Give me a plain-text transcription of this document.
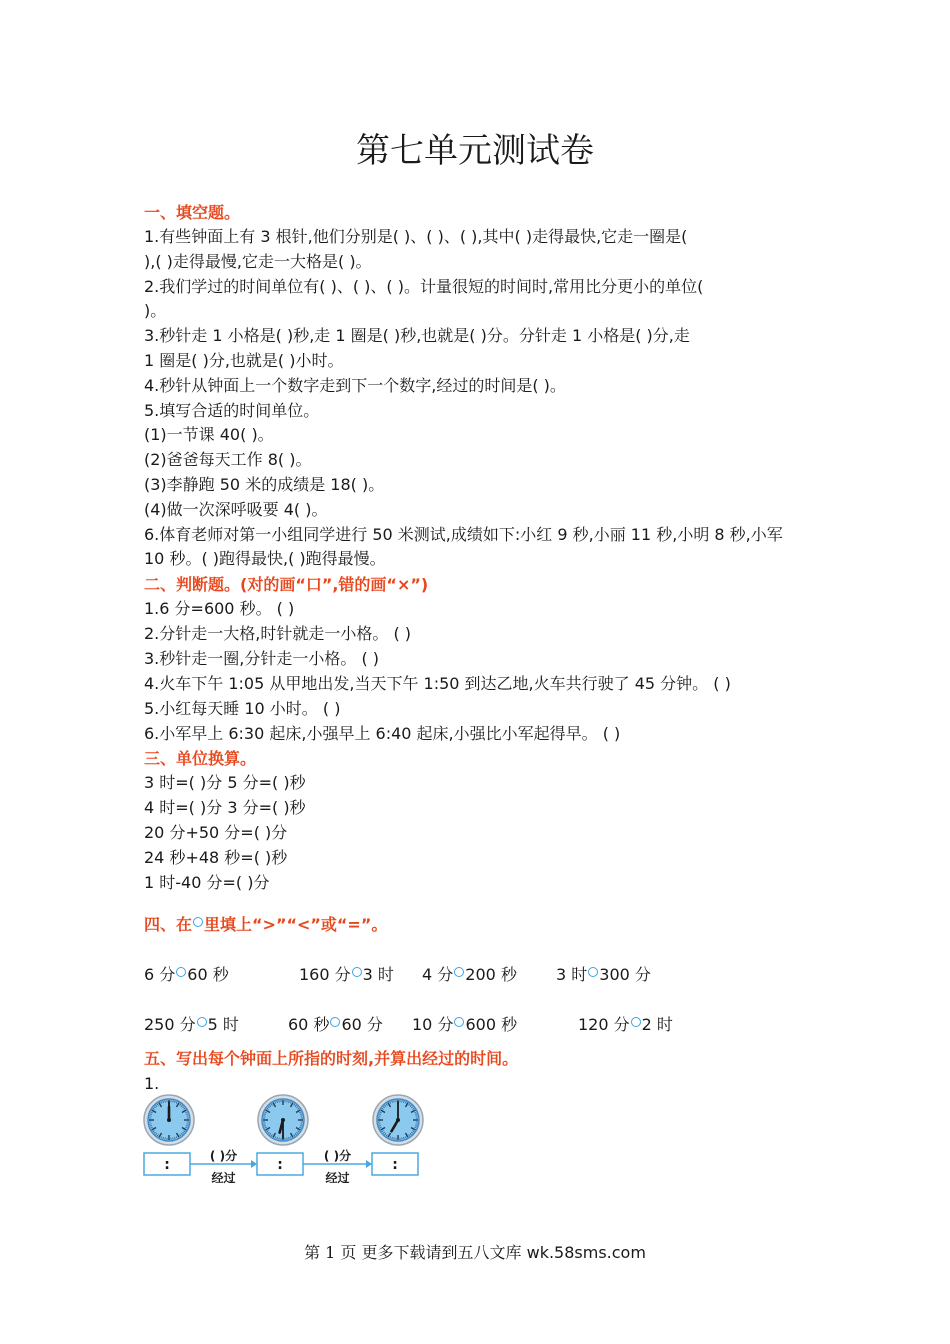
第七单元测试卷
一、填空题。
1.有些钟面上有 3 根针,他们分别是( )、( )、( ),其中( )走得最快,它走一圈是(
),( )走得最慢,它走一大格是( )。
2.我们学过的时间单位有( )、( )、( )。计量很短的时间时,常用比分更小的单位(
)。
3.秒针走 1 小格是( )秒,走 1 圈是( )秒,也就是( )分。分针走 1 小格是( )分,走
1 圈是( )分,也就是( )小时。
4.秒针从钟面上一个数字走到下一个数字,经过的时间是( )。
5.填写合适的时间单位。
(1)一节课 40( )。
(2)爸爸每天工作 8( )。
(3)李静跑 50 米的成绩是 18( )。
(4)做一次深呼吸要 4( )。
6.体育老师对第一小组同学进行 50 米测试,成绩如下:小红 9 秒,小丽 11 秒,小明 8 秒,小军
10 秒。( )跑得最快,( )跑得最慢。
二、判断题。(对的画“口”,错的画“×”)
1.6 分=600 秒。 ( )
2.分针走一大格,时针就走一小格。 ( )
3.秒针走一圈,分针走一小格。 ( )
4.火车下午 1:05 从甲地出发,当天下午 1:50 到达乙地,火车共行驶了 45 分钟。 ( )
5.小红每天睡 10 小时。 ( )
6.小军早上 6:30 起床,小强早上 6:40 起床,小强比小军起得早。 ( )
三、单位换算。
3 时=( )分 5 分=( )秒
4 时=( )分 3 分=( )秒
20 分+50 分=( )分
24 秒+48 秒=( )秒
1 时-40 分=( )分
四、在 里填上“>”“<”或“=”。
6 分 60 秒	160 分 3 时 4 分 200 秒 3 时 300 分
250 分 5 时	60 秒 60 分 10 分 600 秒	120 分 2 时
五、写出每个钟面上所指的时刻,并算出经过的时间。
1.
:	:	:
( )分
经过
( )分
经过
第 1 页 更多下载请到五八文库 wk.58sms.com
